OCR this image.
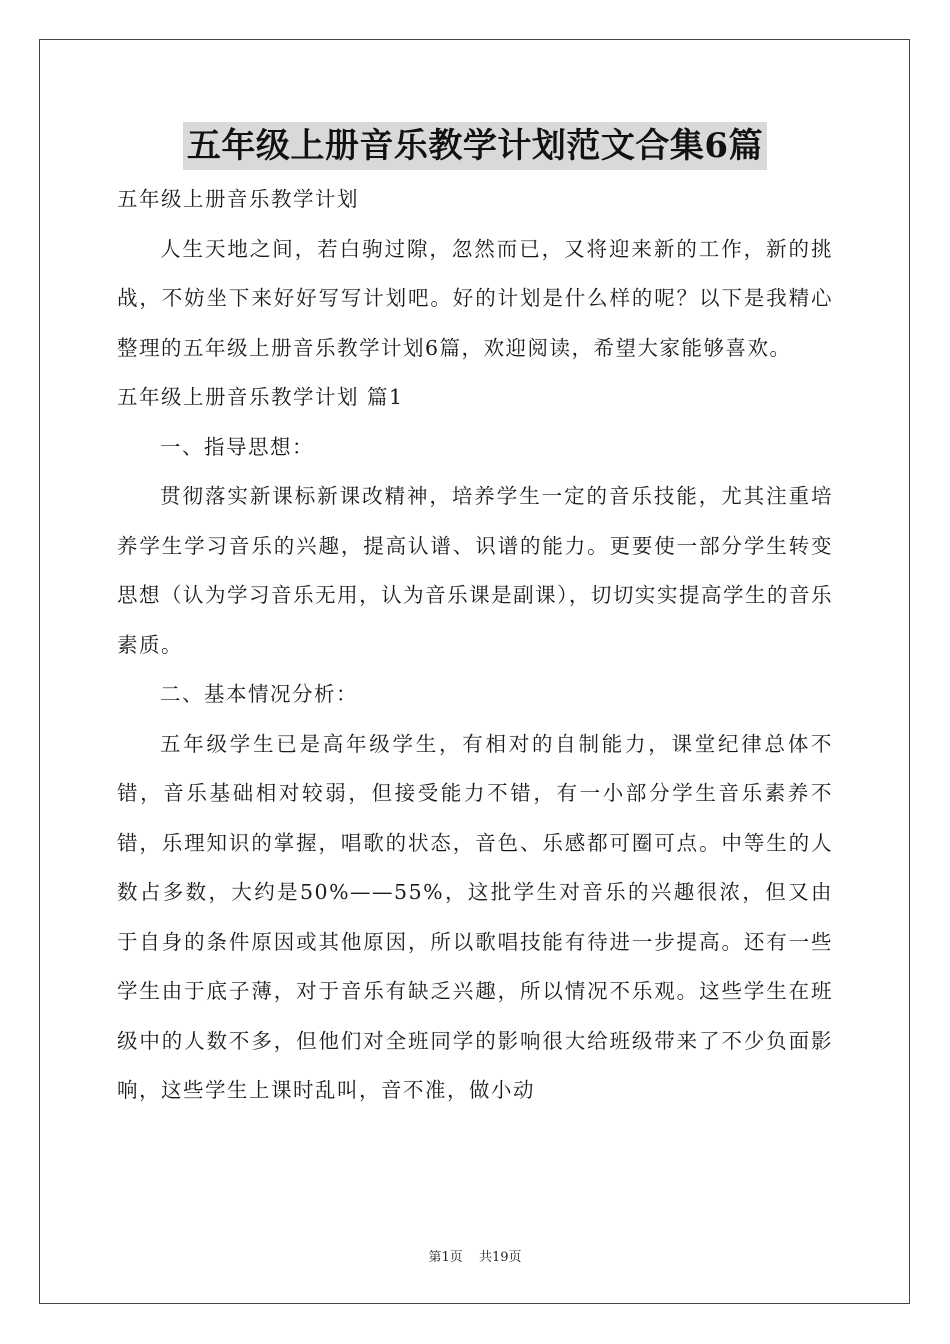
五年级上册音乐教学计划范文合集6篇

五年级上册音乐教学计划

人生天地之间，若白驹过隙，忽然而已，又将迎来新的工作，新的挑战，不妨坐下来好好写写计划吧。好的计划是什么样的呢？以下是我精心整理的五年级上册音乐教学计划6篇，欢迎阅读，希望大家能够喜欢。

五年级上册音乐教学计划 篇1

一、指导思想：

贯彻落实新课标新课改精神，培养学生一定的音乐技能，尤其注重培养学生学习音乐的兴趣，提高认谱、识谱的能力。更要使一部分学生转变思想（认为学习音乐无用，认为音乐课是副课），切切实实提高学生的音乐素质。

二、基本情况分析：

五年级学生已是高年级学生，有相对的自制能力，课堂纪律总体不错，音乐基础相对较弱，但接受能力不错，有一小部分学生音乐素养不错，乐理知识的掌握，唱歌的状态，音色、乐感都可圈可点。中等生的人数占多数，大约是50%——55%，这批学生对音乐的兴趣很浓，但又由于自身的条件原因或其他原因，所以歌唱技能有待进一步提高。还有一些学生由于底子薄，对于音乐有缺乏兴趣，所以情况不乐观。这些学生在班级中的人数不多，但他们对全班同学的影响很大给班级带来了不少负面影响，这些学生上课时乱叫，音不准，做小动

第1页 共19页
